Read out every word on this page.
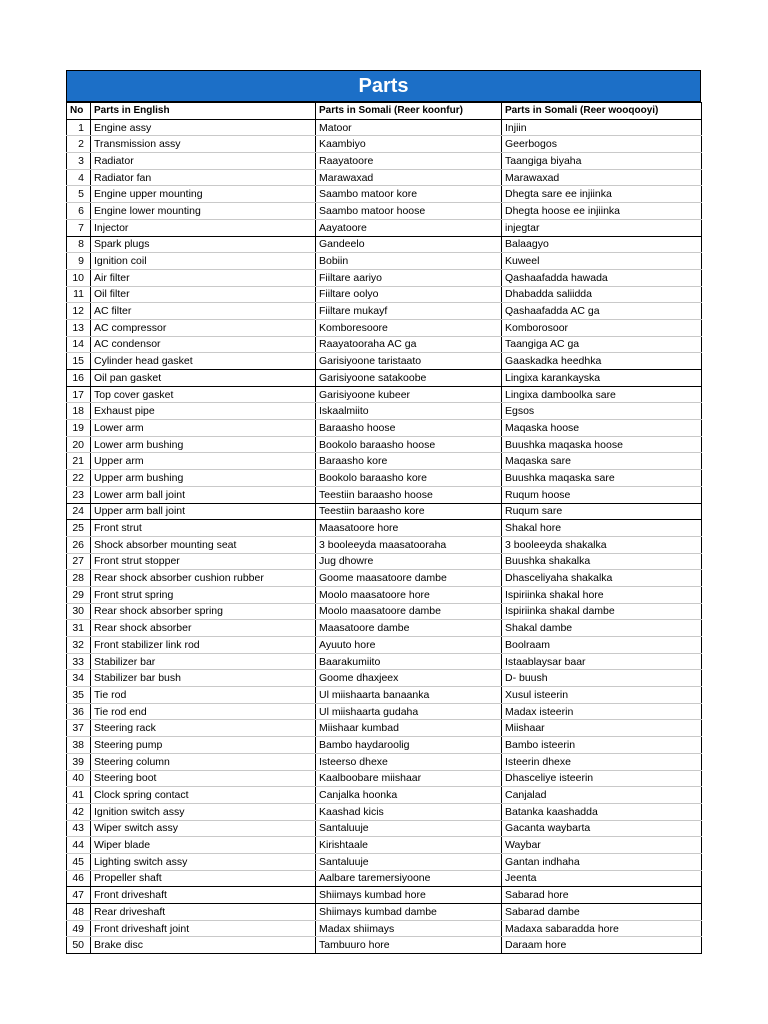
Parts
No	Parts in English	Parts in Somali (Reer koonfur)	Parts in Somali (Reer wooqooyi)
1	Engine assy	Matoor	Injiin
2	Transmission assy	Kaambiyo	Geerbogos
3	Radiator	Raayatoore	Taangiga biyaha
4	Radiator fan	Marawaxad	Marawaxad
5	Engine upper mounting	Saambo matoor kore	Dhegta sare ee injiinka
6	Engine lower mounting	Saambo matoor hoose	Dhegta hoose ee injiinka
7	Injector	Aayatoore	injegtar
8	Spark plugs	Gandeelo	Balaagyo
9	Ignition coil	Bobiin	Kuweel
10	Air filter	Fiiltare aariyo	Qashaafadda hawada
11	Oil filter	Fiiltare oolyo	Dhabadda saliidda
12	AC filter	Fiiltare mukayf	Qashaafadda AC ga
13	AC compressor	Komboresoore	Komborosoor
14	AC condensor	Raayatooraha AC ga	Taangiga AC ga
15	Cylinder head gasket	Garisiyoone taristaato	Gaaskadka heedhka
16	Oil pan gasket	Garisiyoone satakoobe	Lingixa karankayska
17	Top cover gasket	Garisiyoone kubeer	Lingixa damboolka sare
18	Exhaust pipe	Iskaalmiito	Egsos
19	Lower arm	Baraasho hoose	Maqaska hoose
20	Lower arm bushing	Bookolo baraasho hoose	Buushka maqaska hoose
21	Upper arm	Baraasho kore	Maqaska sare
22	Upper arm bushing	Bookolo baraasho kore	Buushka maqaska sare
23	Lower arm ball joint	Teestiin baraasho hoose	Ruqum hoose
24	Upper arm ball joint	Teestiin baraasho kore	Ruqum sare
25	Front strut	Maasatoore hore	Shakal hore
26	Shock absorber mounting seat	3 booleeyda maasatooraha	3 booleeyda shakalka
27	Front strut stopper	Jug dhowre	Buushka shakalka
28	Rear shock absorber cushion rubber	Goome maasatoore dambe	Dhasceliyaha shakalka
29	Front strut spring	Moolo maasatoore hore	Ispiriinka shakal hore
30	Rear shock absorber spring	Moolo maasatoore dambe	Ispiriinka shakal dambe
31	Rear shock absorber	Maasatoore dambe	Shakal dambe
32	Front stabilizer link rod	Ayuuto hore	Boolraam
33	Stabilizer bar	Baarakumiito	Istaablaysar baar
34	Stabilizer bar bush	Goome dhaxjeex	D- buush
35	Tie rod	Ul miishaarta banaanka	Xusul isteerin
36	Tie rod end	Ul miishaarta gudaha	Madax isteerin
37	Steering rack	Miishaar kumbad	Miishaar
38	Steering pump	Bambo haydaroolig	Bambo isteerin
39	Steering column	Isteerso dhexe	Isteerin dhexe
40	Steering boot	Kaalboobare miishaar	Dhasceliye isteerin
41	Clock spring contact	Canjalka hoonka	Canjalad
42	Ignition switch assy	Kaashad kicis	Batanka kaashadda
43	Wiper switch assy	Santaluuje	Gacanta waybarta
44	Wiper blade	Kirishtaale	Waybar
45	Lighting switch assy	Santaluuje	Gantan indhaha
46	Propeller shaft	Aalbare taremersiyoone	Jeenta
47	Front driveshaft	Shiimays kumbad hore	Sabarad hore
48	Rear driveshaft	Shiimays kumbad dambe	Sabarad dambe
49	Front driveshaft joint	Madax shiimays	Madaxa sabaradda hore
50	Brake disc	Tambuuro hore	Daraam hore
